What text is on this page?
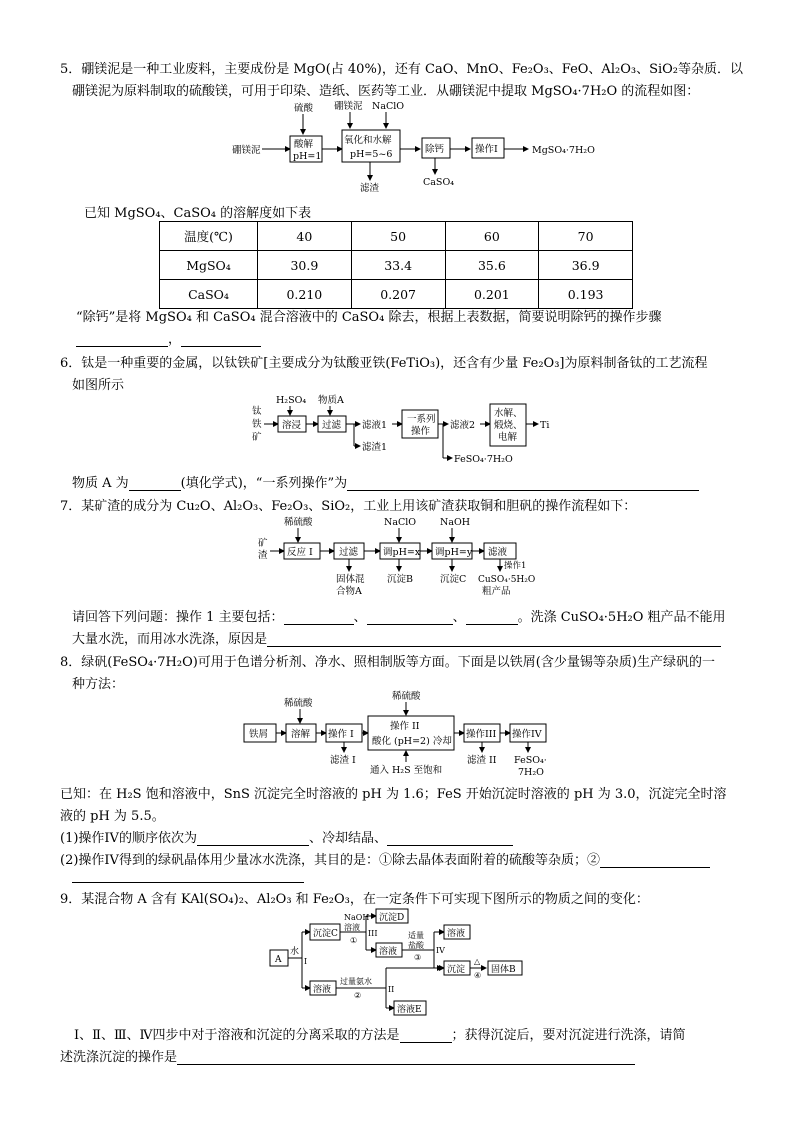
5．硼镁泥是一种工业废料，主要成份是 MgO(占 40%)，还有 CaO、MnO、Fe₂O₃、FeO、Al₂O₃、SiO₂等杂质．以
硼镁泥为原料制取的硫酸镁，可用于印染、造纸、医药等工业．从硼镁泥中提取 MgSO₄·7H₂O 的流程如图：
硼镁泥
硫酸
酸解
pH=1
硼镁泥 NaClO
氧化和水解
pH=5~6
滤渣
除钙
CaSO₄
操作I	MgSO₄·7H₂O
已知 MgSO₄、CaSO₄ 的溶解度如下表
温度(℃)	40	50	60	70
MgSO₄	30.9	33.4	35.6	36.9
CaSO₄	0.210	0.207	0.201	0.193
“除钙”是将 MgSO₄ 和 CaSO₄ 混合溶液中的 CaSO₄ 除去，根据上表数据，简要说明除钙的操作步骤
，
6．钛是一种重要的金属，以钛铁矿[主要成分为钛酸亚铁(FeTiO₃)，还含有少量 Fe₂O₃]为原料制备钛的工艺流程
如图所示
钛
铁
矿
H₂SO₄
溶浸
物质A
过滤 滤液1
滤渣1
一系列
操作
滤液2
FeSO₄·7H₂O
水解、
煅烧、
电解
Ti
物质 A 为	(填化学式)，“一系列操作”为
7．某矿渣的成分为 Cu₂O、Al₂O₃、Fe₂O₃、SiO₂，工业上用该矿渣获取铜和胆矾的操作流程如下：
矿
渣
稀硫酸
反应 I	过滤
固体混
合物A
NaClO
调pH=x
沉淀B
NaOH
调pH=y
沉淀C
滤液
操作1
CuSO₄·5H₂O
粗产品
请回答下列问题：操作 1 主要包括：	、	、	。洗涤 CuSO₄·5H₂O 粗产品不能用
大量水洗，而用冰水洗涤，原因是
8．绿矾(FeSO₄·7H₂O)可用于色谱分析剂、净水、照相制版等方面。下面是以铁屑(含少量锡等杂质)生产绿矾的一
种方法：
铁屑
稀硫酸
溶解 操作 I
滤渣 I
稀硫酸
操作 II
酸化 (pH=2) 冷却
通入 H₂S 至饱和
操作III
滤渣 II
操作IV
FeSO₄·
7H₂O
已知：在 H₂S 饱和溶液中，SnS 沉淀完全时溶液的 pH 为 1.6；FeS 开始沉淀时溶液的 pH 为 3.0，沉淀完全时溶
液的 pH 为 5.5。
(1)操作IV的顺序依次为	、冷却结晶、
(2)操作IV得到的绿矾晶体用少量冰水洗涤，其目的是：①除去晶体表面附着的硫酸等杂质；②
9．某混合物 A 含有 KAl(SO₄)₂、Al₂O₃ 和 Fe₂O₃，在一定条件下可实现下图所示的物质之间的变化：
A
水
I
沉淀C
NaOH
溶液
①
III
沉淀D
溶液
适量
盐酸
③
IV
溶液
沉淀
△
④
固体B
溶液
过量氨水
②
II
溶液E
Ⅰ、Ⅱ、Ⅲ、Ⅳ四步中对于溶液和沉淀的分离采取的方法是	；获得沉淀后，要对沉淀进行洗涤，请简
述洗涤沉淀的操作是
